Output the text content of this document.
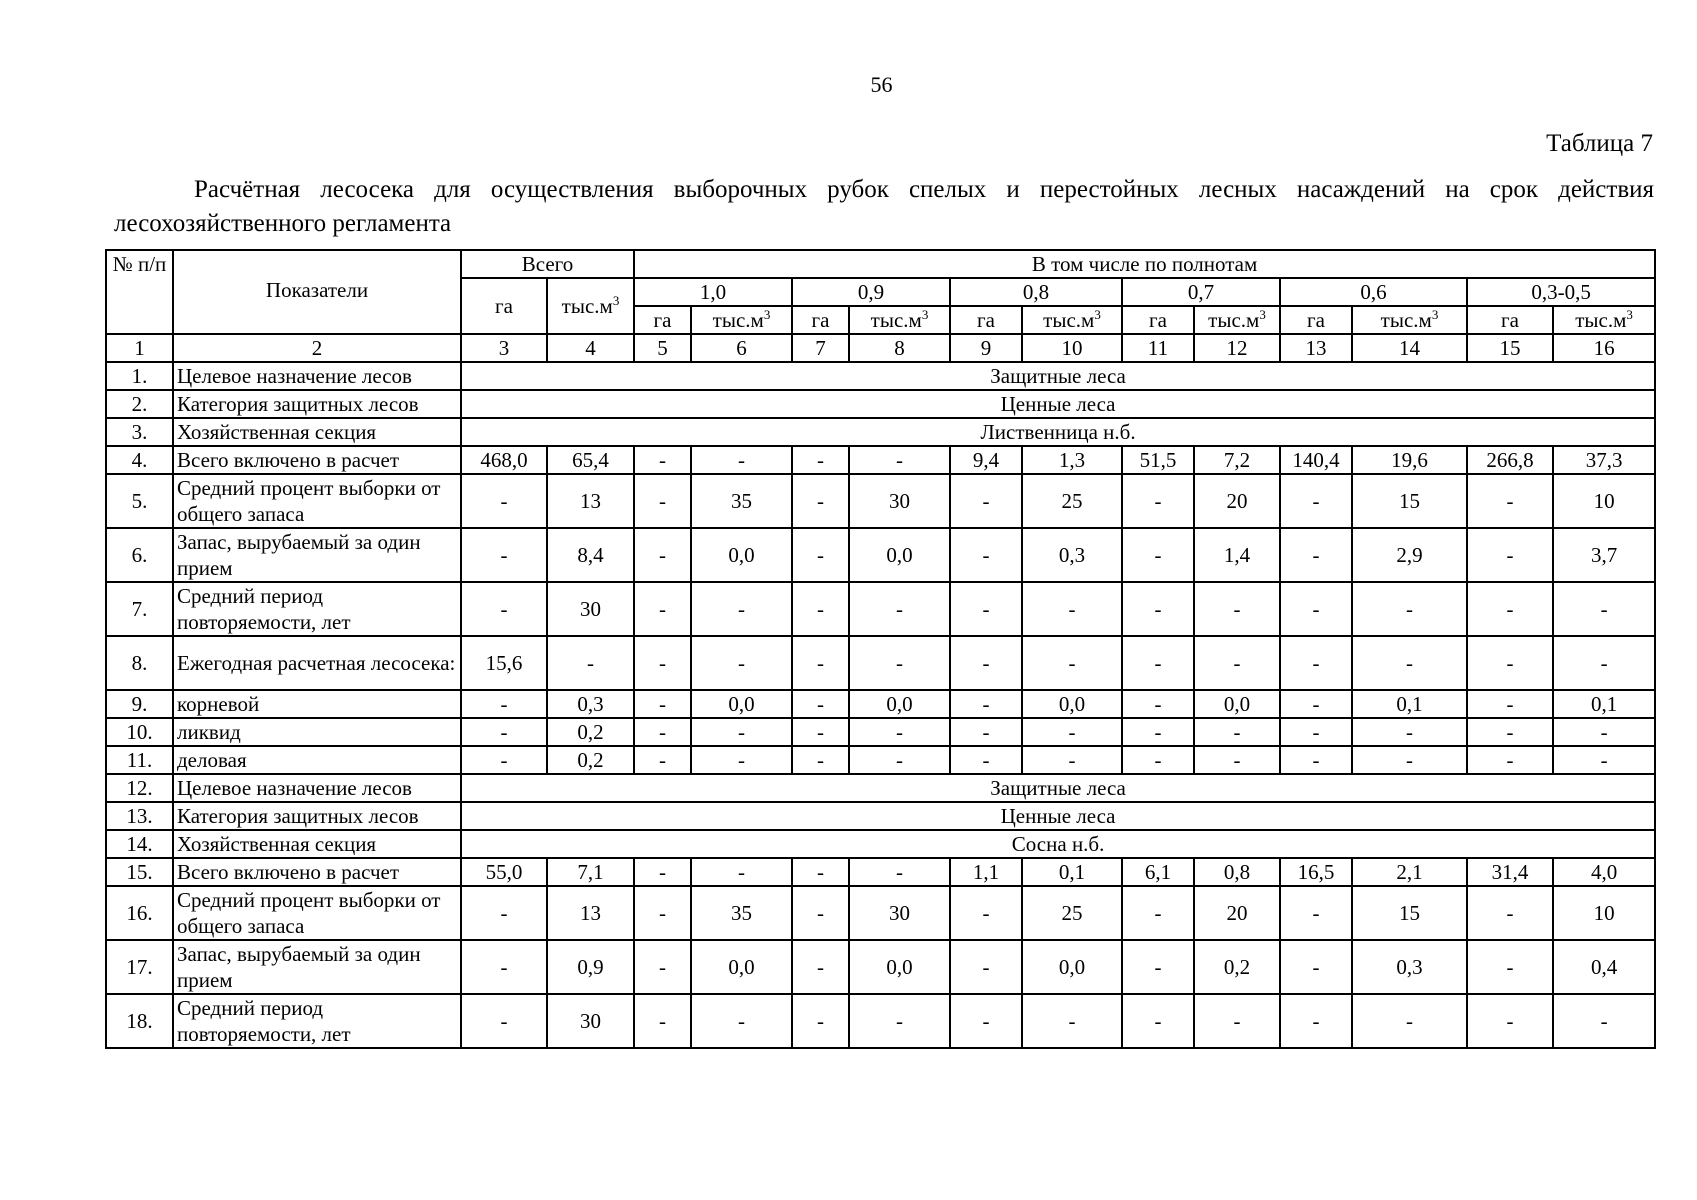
56
Таблица 7
Расчётная лесосека для осуществления выборочных рубок спелых и перестойных лесных насаждений на срок действия лесохозяйственного регламента
№ п/п	Показатели	Всего		В том числе по полнотам											
		га	$тыс.м^3$	1,0		0,9		0,8		0,7		0,6		0,3-0,5	
				га	$тыс.м^3$	га	$тыс.м^3$	га	$тыс.м^3$	га	$тыс.м^3$	га	$тыс.м^3$	га	$тыс.м^3$
1	2	3	4	5	6	7	8	9	10	11	12	13	14	15	16
1.	Целевое назначение лесов	Защитные леса													
2.	Категория защитных лесов	Ценные леса													
3.	Хозяйственная секция	Лиственница н.б.													
4.	Всего включено в расчет	468,0	65,4	-	-	-	-	9,4	1,3	51,5	7,2	140,4	19,6	266,8	37,3
5.	Средний процент выборки от общего запаса	-	13	-	35	-	30	-	25	-	20	-	15	-	10
6.	Запас, вырубаемый за один прием	-	8,4	-	0,0	-	0,0	-	0,3	-	1,4	-	2,9	-	3,7
7.	Средний период повторяемости, лет	-	30	-	-	-	-	-	-	-	-	-	-	-	-
8.	Ежегодная расчетная лесосека:	15,6	-	-	-	-	-	-	-	-	-	-	-	-	-
9.	корневой	-	0,3	-	0,0	-	0,0	-	0,0	-	0,0	-	0,1	-	0,1
10.	ликвид	-	0,2	-	-	-	-	-	-	-	-	-	-	-	-
11.	деловая	-	0,2	-	-	-	-	-	-	-	-	-	-	-	-
12.	Целевое назначение лесов	Защитные леса													
13.	Категория защитных лесов	Ценные леса													
14.	Хозяйственная секция	Сосна н.б.													
15.	Всего включено в расчет	55,0	7,1	-	-	-	-	1,1	0,1	6,1	0,8	16,5	2,1	31,4	4,0
16.	Средний процент выборки от общего запаса	-	13	-	35	-	30	-	25	-	20	-	15	-	10
17.	Запас, вырубаемый за один прием	-	0,9	-	0,0	-	0,0	-	0,0	-	0,2	-	0,3	-	0,4
18.	Средний период повторяемости, лет	-	30	-	-	-	-	-	-	-	-	-	-	-	-
